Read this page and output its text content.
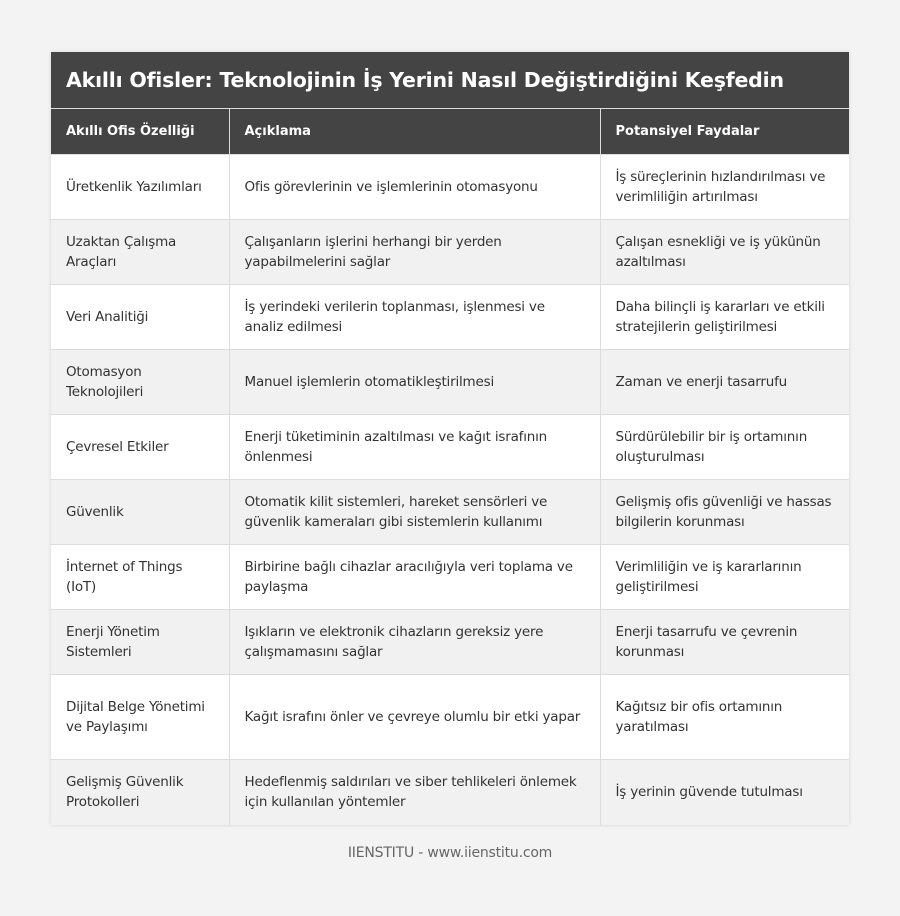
Akıllı Ofisler: Teknolojinin İş Yerini Nasıl Değiştirdiğini Keşfedin
Akıllı Ofis Özelliği	Açıklama	Potansiyel Faydalar
Üretkenlik Yazılımları	Ofis görevlerinin ve işlemlerinin otomasyonu	İş süreçlerinin hızlandırılması ve verimliliğin artırılması
Uzaktan Çalışma Araçları	Çalışanların işlerini herhangi bir yerden yapabilmelerini sağlar	Çalışan esnekliği ve iş yükünün azaltılması
Veri Analitiği	İş yerindeki verilerin toplanması, işlenmesi ve analiz edilmesi	Daha bilinçli iş kararları ve etkili stratejilerin geliştirilmesi
Otomasyon Teknolojileri	Manuel işlemlerin otomatikleştirilmesi	Zaman ve enerji tasarrufu
Çevresel Etkiler	Enerji tüketiminin azaltılması ve kağıt israfının önlenmesi	Sürdürülebilir bir iş ortamının oluşturulması
Güvenlik	Otomatik kilit sistemleri, hareket sensörleri ve güvenlik kameraları gibi sistemlerin kullanımı	Gelişmiş ofis güvenliği ve hassas bilgilerin korunması
İnternet of Things (IoT)	Birbirine bağlı cihazlar aracılığıyla veri toplama ve paylaşma	Verimliliğin ve iş kararlarının geliştirilmesi
Enerji Yönetim Sistemleri	Işıkların ve elektronik cihazların gereksiz yere çalışmamasını sağlar	Enerji tasarrufu ve çevrenin korunması
Dijital Belge Yönetimi ve Paylaşımı	Kağıt israfını önler ve çevreye olumlu bir etki yapar	Kağıtsız bir ofis ortamının yaratılması
Gelişmiş Güvenlik Protokolleri	Hedeflenmiş saldırıları ve siber tehlikeleri önlemek için kullanılan yöntemler	İş yerinin güvende tutulması
IIENSTITU - www.iienstitu.com
